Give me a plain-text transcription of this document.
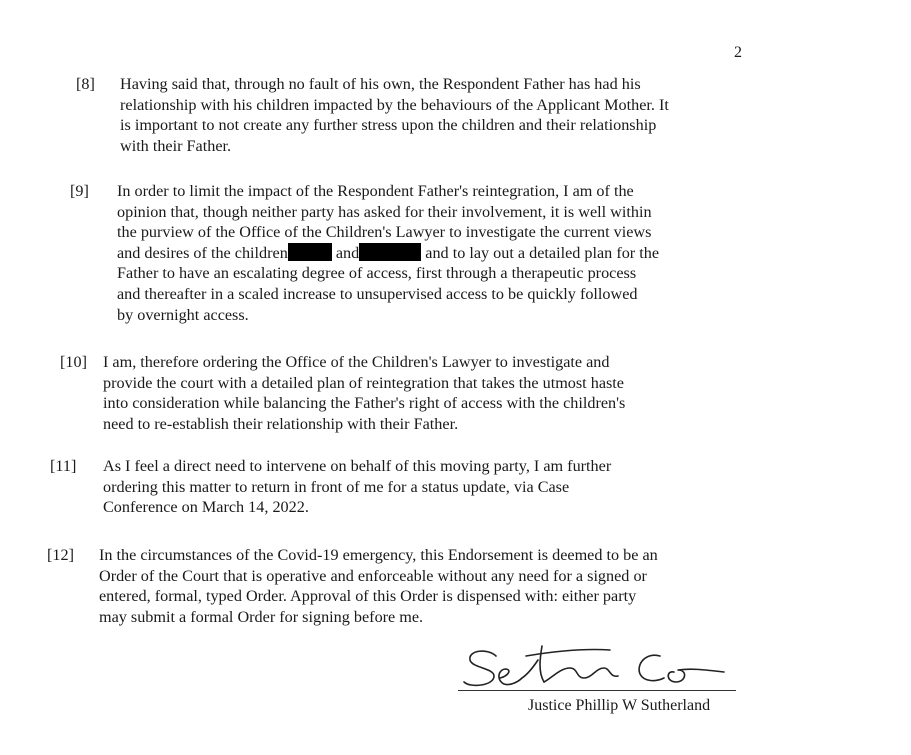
2
[8] Having said that, through no fault of his own, the Respondent Father has had his
relationship with his children impacted by the behaviours of the Applicant Mother. It
is important to not create any further stress upon the children and their relationship
with their Father.
[9] In order to limit the impact of the Respondent Father's reintegration, I am of the
opinion that, though neither party has asked for their involvement, it is well within
the purview of the Office of the Children's Lawyer to investigate the current views
and desires of the children	and	and to lay out a detailed plan for the
Father to have an escalating degree of access, first through a therapeutic process
and thereafter in a scaled increase to unsupervised access to be quickly followed
by overnight access.
[10] I am, therefore ordering the Office of the Children's Lawyer to investigate and
provide the court with a detailed plan of reintegration that takes the utmost haste
into consideration while balancing the Father's right of access with the children's
need to re-establish their relationship with their Father.
[11] As I feel a direct need to intervene on behalf of this moving party, I am further
ordering this matter to return in front of me for a status update, via Case
Conference on March 14, 2022.
[12] In the circumstances of the Covid-19 emergency, this Endorsement is deemed to be an
Order of the Court that is operative and enforceable without any need for a signed or
entered, formal, typed Order. Approval of this Order is dispensed with: either party
may submit a formal Order for signing before me.
Justice Phillip W Sutherland
